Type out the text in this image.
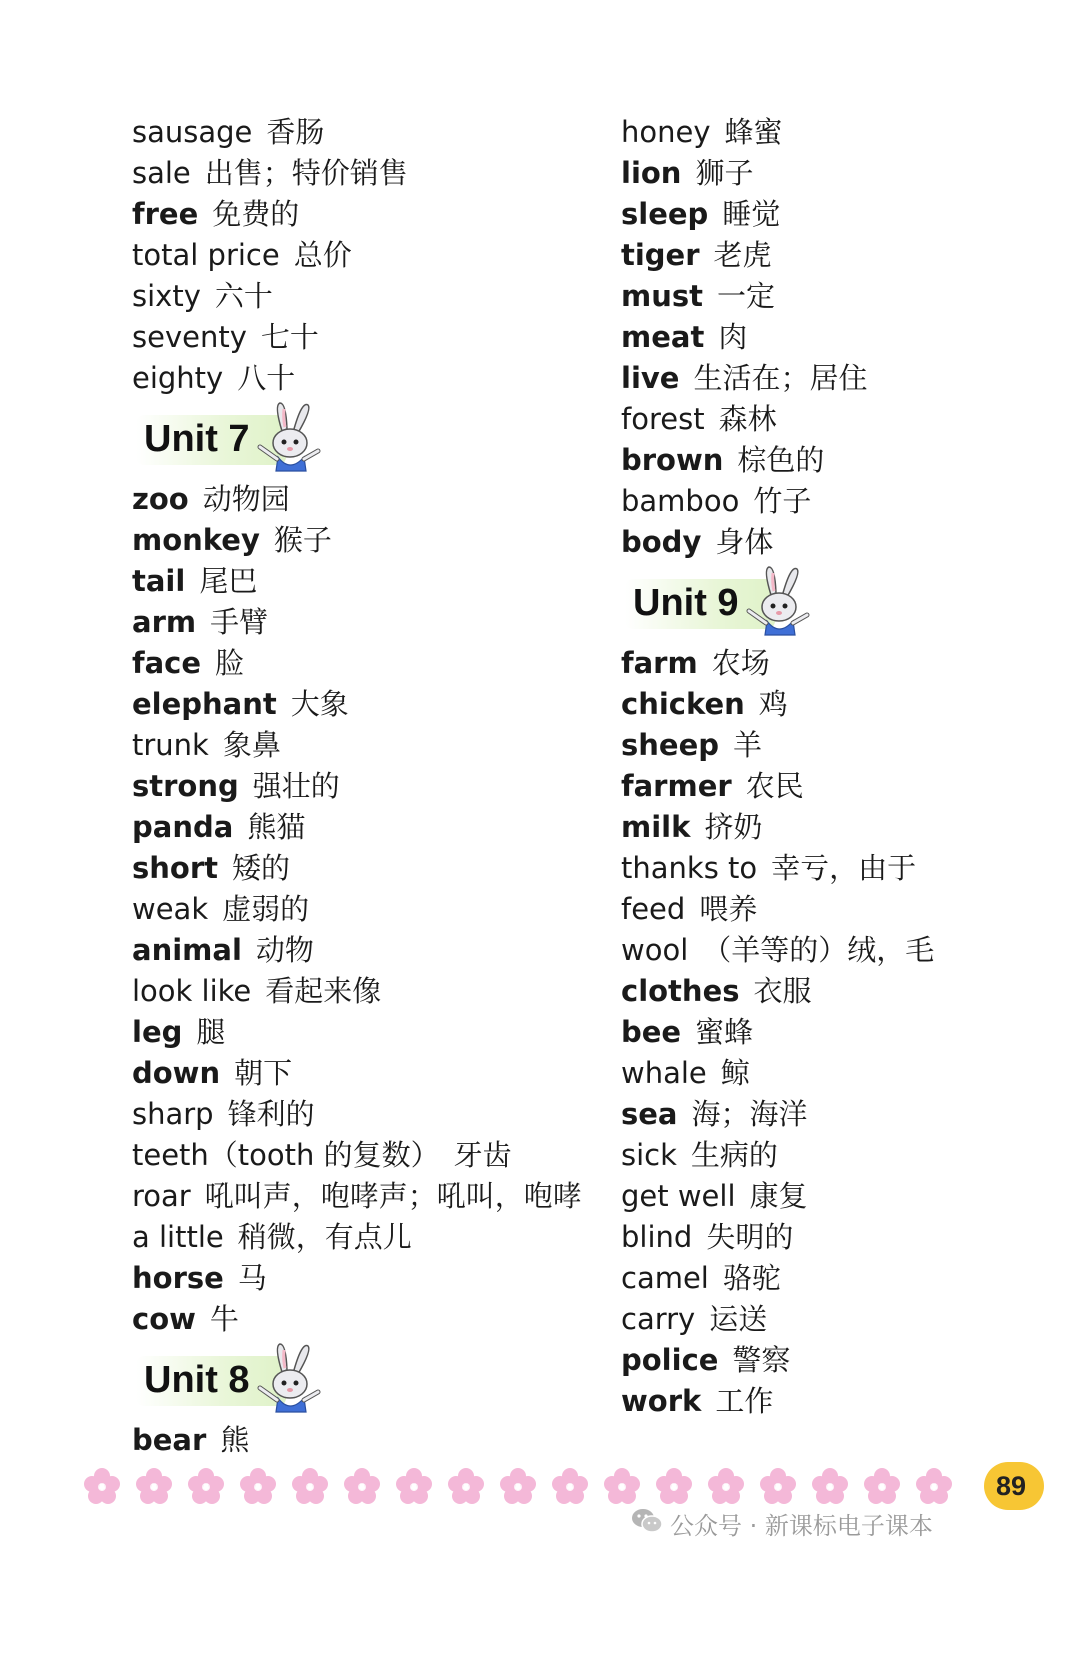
sausage 香肠
sale 出售；特价销售
free 免费的
total price 总价
sixty 六十
seventy 七十
eighty 八十
Unit 7
zoo 动物园
monkey 猴子
tail 尾巴
arm 手臂
face 脸
elephant 大象
trunk 象鼻
strong 强壮的
panda 熊猫
short 矮的
weak 虚弱的
animal 动物
look like 看起来像
leg 腿
down 朝下
sharp 锋利的
teeth（tooth 的复数） 牙齿
roar 吼叫声，咆哮声；吼叫，咆哮
a little 稍微，有点儿
horse 马
cow 牛
Unit 8
bear 熊
honey 蜂蜜
lion 狮子
sleep 睡觉
tiger 老虎
must 一定
meat 肉
live 生活在；居住
forest 森林
brown 棕色的
bamboo 竹子
body 身体
Unit 9
farm 农场
chicken 鸡
sheep 羊
farmer 农民
milk 挤奶
thanks to 幸亏，由于
feed 喂养
wool （羊等的）绒，毛
clothes 衣服
bee 蜜蜂
whale 鲸
sea 海；海洋
sick 生病的
get well 康复
blind 失明的
camel 骆驼
carry 运送
police 警察
work 工作
89
公众号 · 新课标电子课本
